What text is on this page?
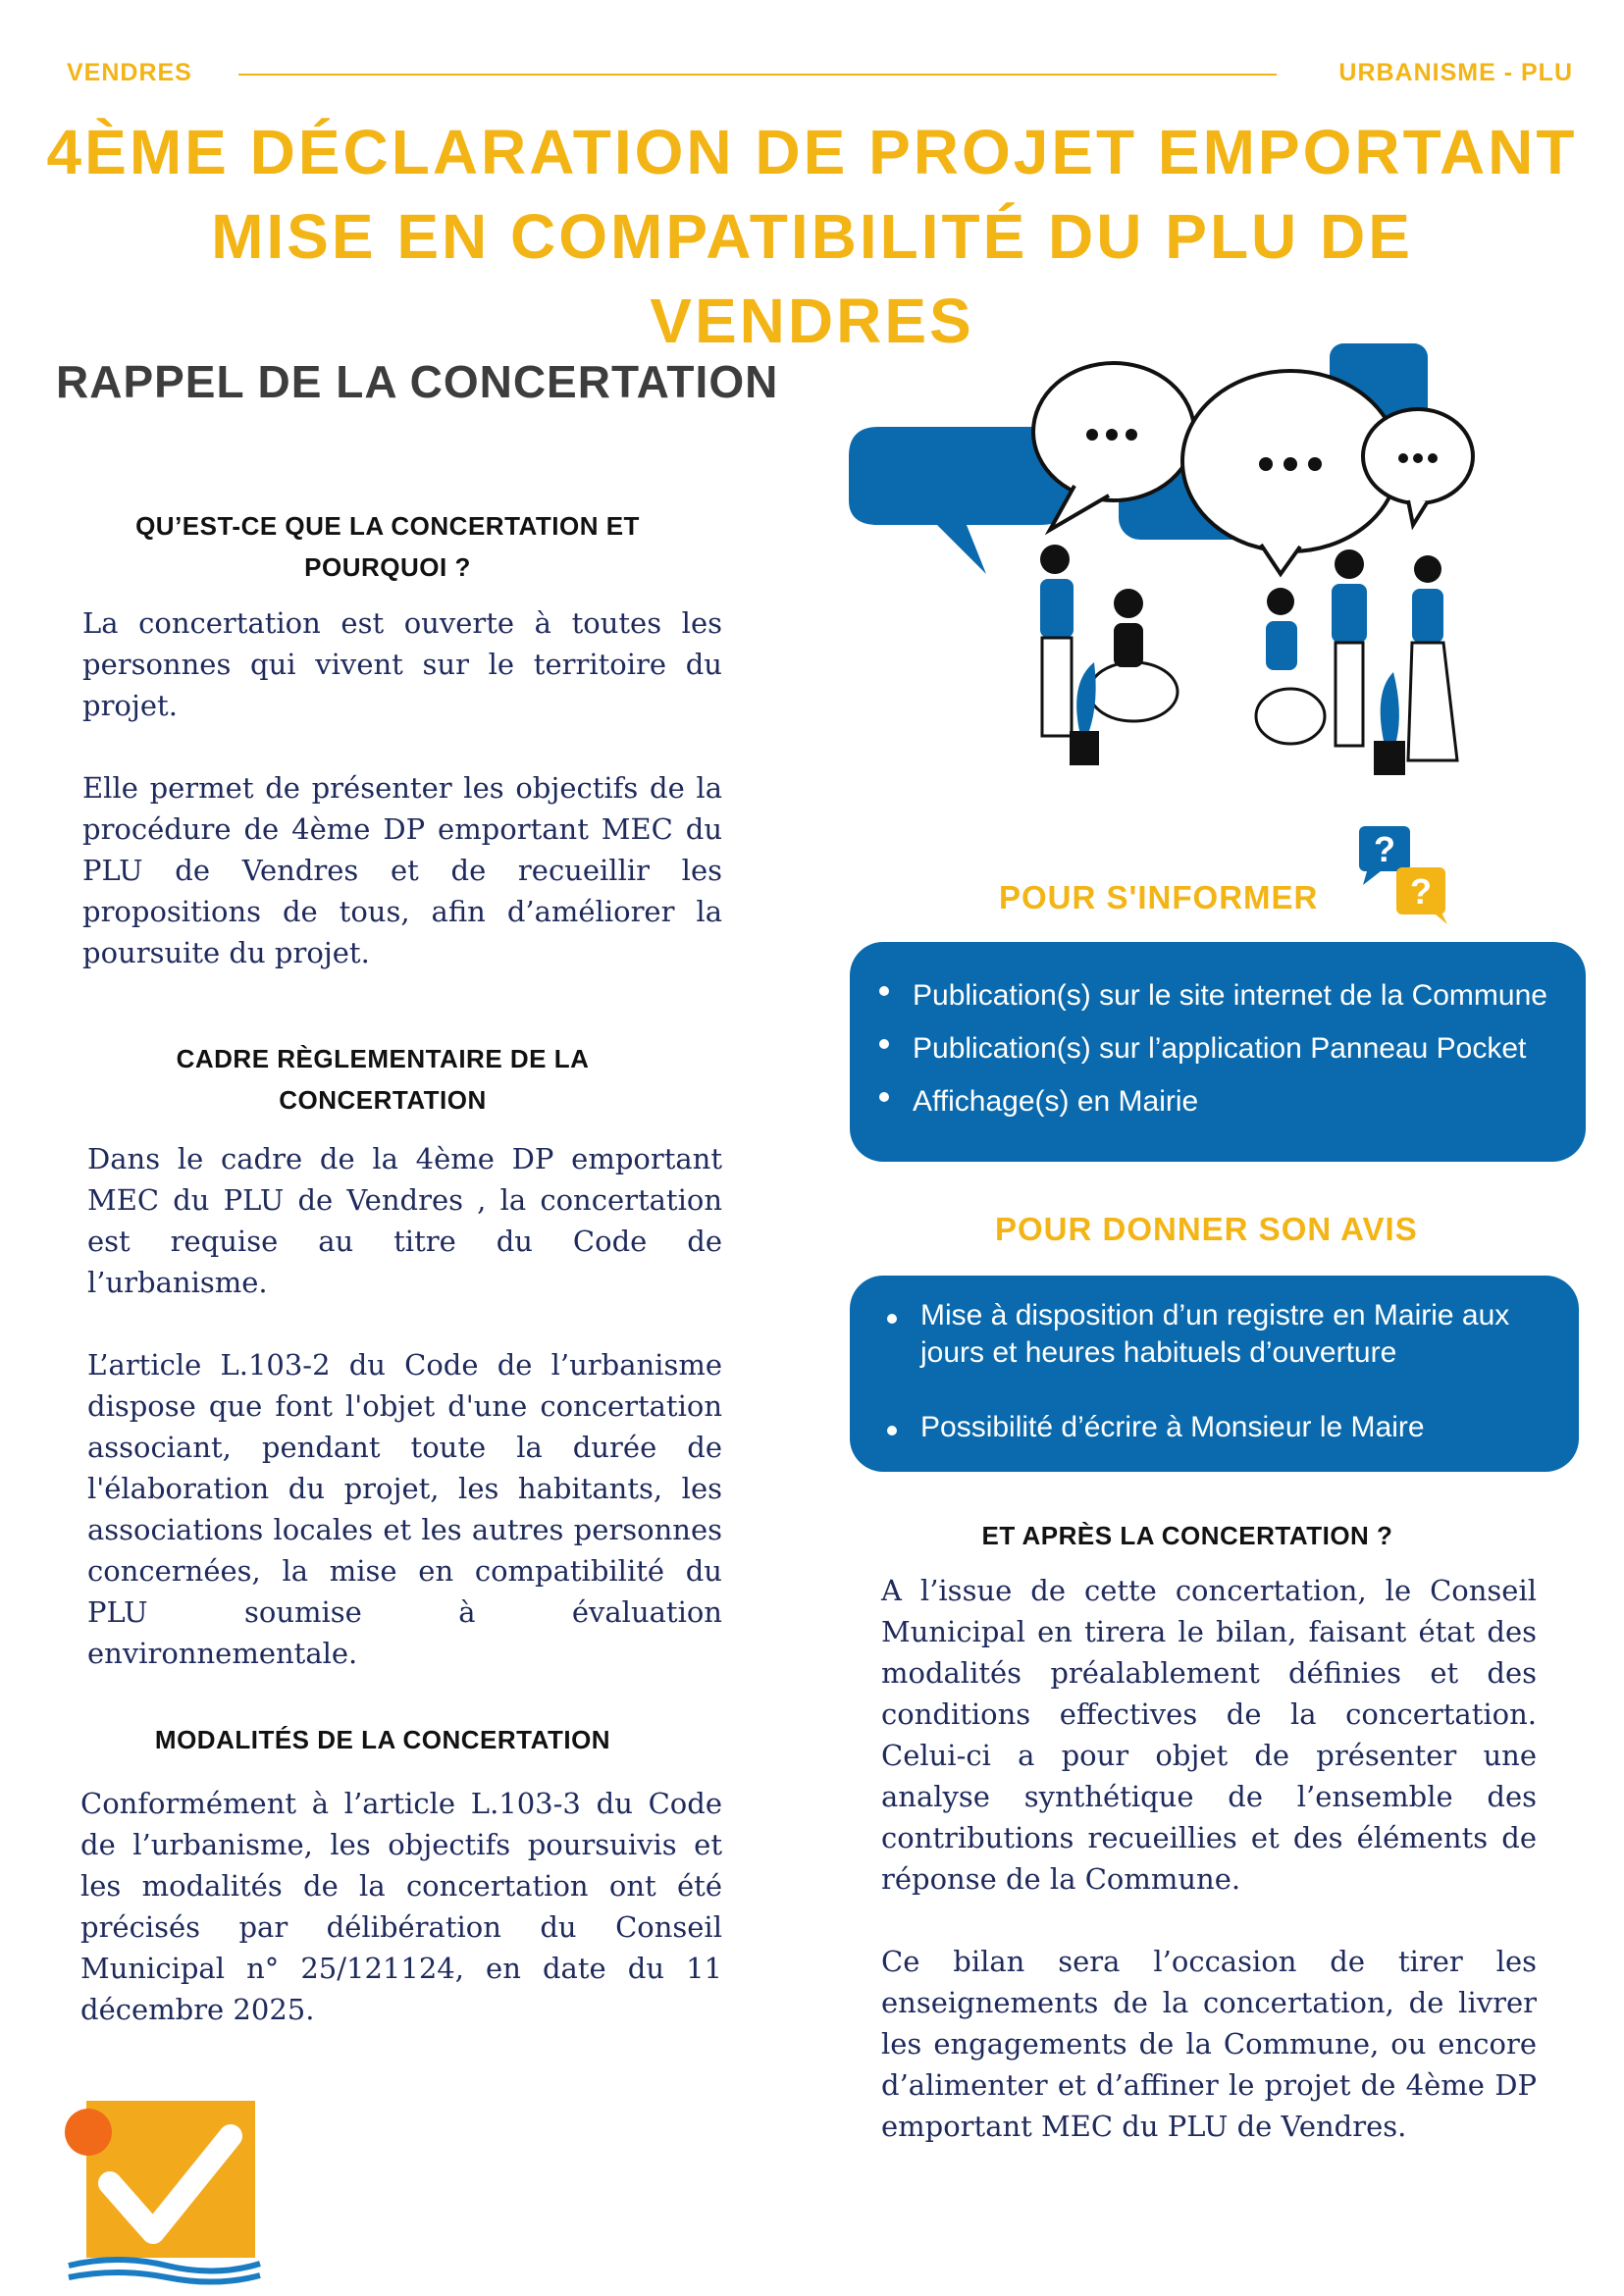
VENDRES	URBANISME - PLU
4ÈME DÉCLARATION DE PROJET EMPORTANT MISE EN COMPATIBILITÉ DU PLU DE VENDRES
RAPPEL DE LA CONCERTATION
QU’EST-CE QUE LA CONCERTATION ET POURQUOI ?

La concertation est ouverte à toutes les personnes qui vivent sur le territoire du projet.

Elle permet de présenter les objectifs de la procédure de 4ème DP emportant MEC du PLU de Vendres et de recueillir les propositions de tous, afin d’améliorer la poursuite du projet.

CADRE RÈGLEMENTAIRE DE LA CONCERTATION

Dans le cadre de la 4ème DP emportant MEC du PLU de Vendres , la concertation est requise au titre du Code de l’urbanisme.

L’article L.103-2 du Code de l’urbanisme dispose que font l'objet d'une concertation associant, pendant toute la durée de l'élaboration du projet, les habitants, les associations locales et les autres personnes concernées, la mise en compatibilité du PLU soumise à évaluation environnementale.

MODALITÉS DE LA CONCERTATION

Conformément à l’article L.103-3 du Code de l’urbanisme, les objectifs poursuivis et les modalités de la concertation ont été précisés par délibération du Conseil Municipal n° 25/121124, en date du 11 décembre 2025.

POUR S'INFORMER
?
?
Publication(s) sur le site internet de la Commune
Publication(s) sur l’application Panneau Pocket
Affichage(s) en Mairie
POUR DONNER SON AVIS
Mise à disposition d’un registre en Mairie aux jours et heures habituels d’ouverture
Possibilité d’écrire à Monsieur le Maire
ET APRÈS LA CONCERTATION ?

A l’issue de cette concertation, le Conseil Municipal en tirera le bilan, faisant état des modalités préalablement définies et des conditions effectives de la concertation. Celui-ci a pour objet de présenter une analyse synthétique de l’ensemble des contributions recueillies et des éléments de réponse de la Commune.

Ce bilan sera l’occasion de tirer les enseignements de la concertation, de livrer les engagements de la Commune, ou encore d’alimenter et d’affiner le projet de 4ème DP emportant MEC du PLU de Vendres.
